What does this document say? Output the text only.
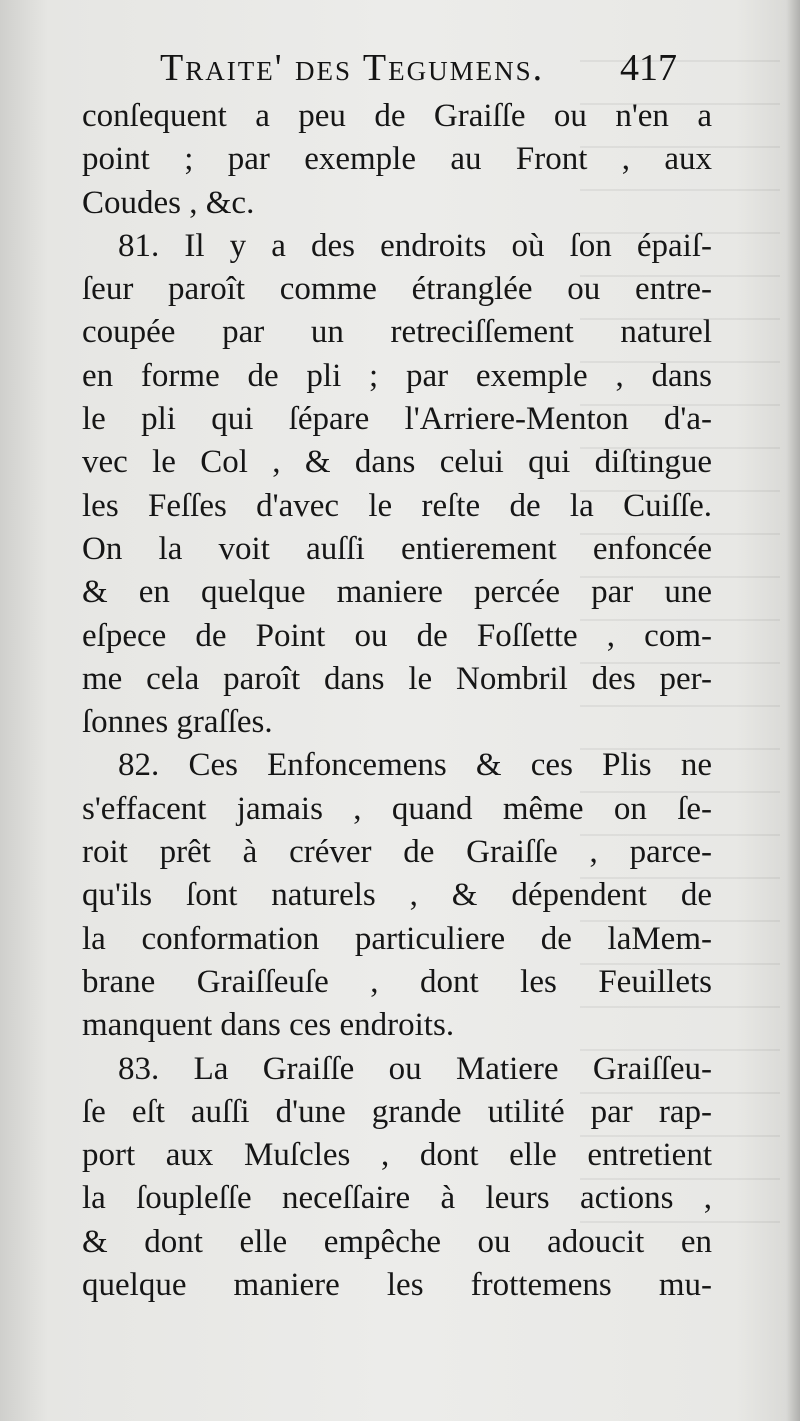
Traite' des Tegumens. 417
conſequent a peu de Graiſſe ou n'en a
point ; par exemple au Front , aux
Coudes , &c.
81. Il y a des endroits où ſon épaiſ-
ſeur paroît comme étranglée ou entre-
coupée par un retreciſſement naturel
en forme de pli ; par exemple , dans
le pli qui ſépare l'Arriere-Menton d'a-
vec le Col , & dans celui qui diſtingue
les Feſſes d'avec le reſte de la Cuiſſe.
On la voit auſſi entierement enfoncée
& en quelque maniere percée par une
eſpece de Point ou de Foſſette , com-
me cela paroît dans le Nombril des per-
ſonnes graſſes.
82. Ces Enfoncemens & ces Plis ne
s'effacent jamais , quand même on ſe-
roit prêt à créver de Graiſſe , parce-
qu'ils ſont naturels , & dépendent de
la conformation particuliere de laMem-
brane Graiſſeuſe , dont les Feuillets
manquent dans ces endroits.
83. La Graiſſe ou Matiere Graiſſeu-
ſe eſt auſſi d'une grande utilité par rap-
port aux Muſcles , dont elle entretient
la ſoupleſſe neceſſaire à leurs actions ,
& dont elle empêche ou adoucit en
quelque maniere les frottemens mu-
